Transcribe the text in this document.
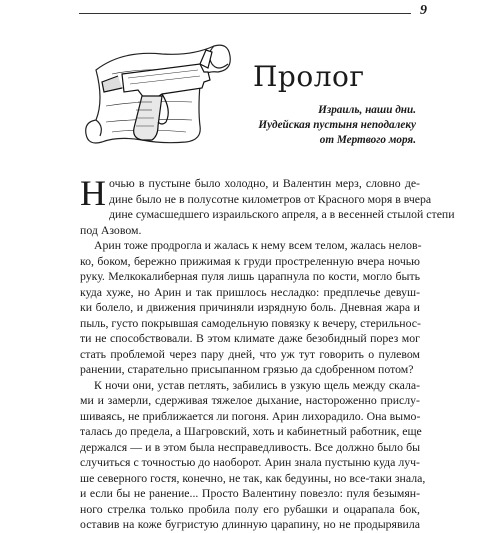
9
Пролог
Израиль, наши дни.
Иудейская пустыня неподалеку
от Мертвого моря.
Н очью в пустыне было холодно, и Валентин мерз, словно де-
дине было не в полусотне километров от Красного моря в вчера
дине сумасшедшего израильского апреля, а в весенней стылой степи
под Азовом.
Арин тоже продрогла и жалась к нему всем телом, жалась нелов-
ко, боком, бережно прижимая к груди простреленную вчера ночью
руку. Мелкокалиберная пуля лишь царапнула по кости, могло быть
куда хуже, но Арин и так пришлось несладко: предплечье девуш-
ки болело, и движения причиняли изрядную боль. Дневная жара и
пыль, густо покрывшая самодельную повязку к вечеру, стерильнос-
ти не способствовали. В этом климате даже безобидный порез мог
стать проблемой через пару дней, что уж тут говорить о пулевом
ранении, старательно присыпанном грязью да сдобренном потом?
К ночи они, устав петлять, забились в узкую щель между скала-
ми и замерли, сдерживая тяжелое дыхание, настороженно прислу-
шиваясь, не приближается ли погоня. Арин лихорадило. Она вымо-
талась до предела, а Шагровский, хоть и кабинетный работник, еще
держался — и в этом была несправедливость. Все должно было бы
случиться с точностью до наоборот. Арин знала пустыню куда луч-
ше северного гостя, конечно, не так, как бедуины, но все-таки знала,
и если бы не ранение... Просто Валентину повезло: пуля безымян-
ного стрелка только пробила полу его рубашки и оцарапала бок,
оставив на коже бугристую длинную царапину, но не продырявила
